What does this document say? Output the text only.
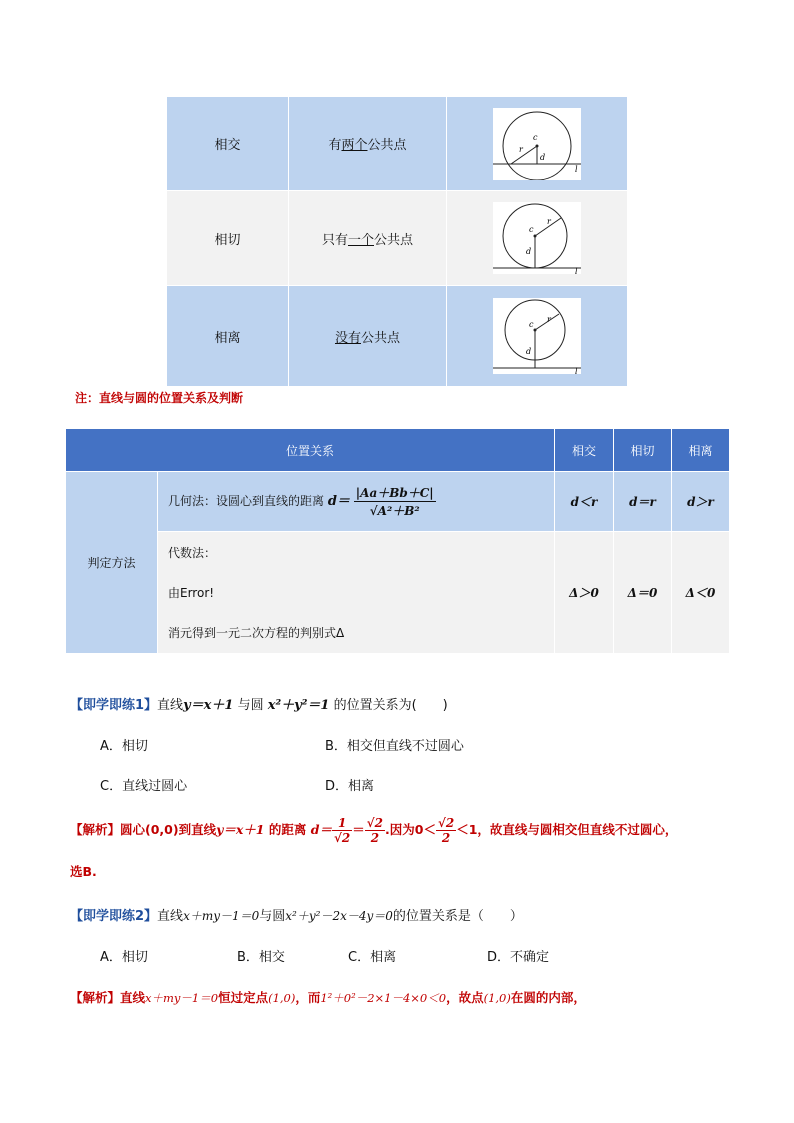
相交	有两个公共点	c
r
d
l

相切	只有一个公共点	c
r
d
l

相离	没有公共点	c
r
d
l
注：直线与圆的位置关系及判断
位置关系		相交	相切	相离
判定方法	几何法：设圆心到直线的距离 $d= \frac{|Aa+Bb+C|}{\text{√A²＋B²}}$	d＜r	d＝r	d＞r

	代数法：
由Error!
消元得到一元二次方程的判别式Δ	Δ＞0	Δ＝0	Δ＜0
【即学即练1】直线y＝x＋1 与圆 x²＋y²＝1 的位置关系为(　　)
A．相切	B．相交但直线不过圆心
C．直线过圆心	D．相离
【解析】圆心(0,0)到直线y＝x＋1 的距离 $d= \frac{1}{√2} = \frac{√2}{2}$ .因为$0< \frac{√2}{2} <1$，故直线与圆相交但直线不过圆心，
选B.
【即学即练2】直线x＋my－1＝0与圆x²＋y²－2x－4y＝0的位置关系是（　　）
A．相切	B．相交	C．相离	D．不确定
【解析】直线x＋my－1＝0恒过定点(1,0)，而1²＋0²－2×1－4×0＜0，故点(1,0)在圆的内部，
